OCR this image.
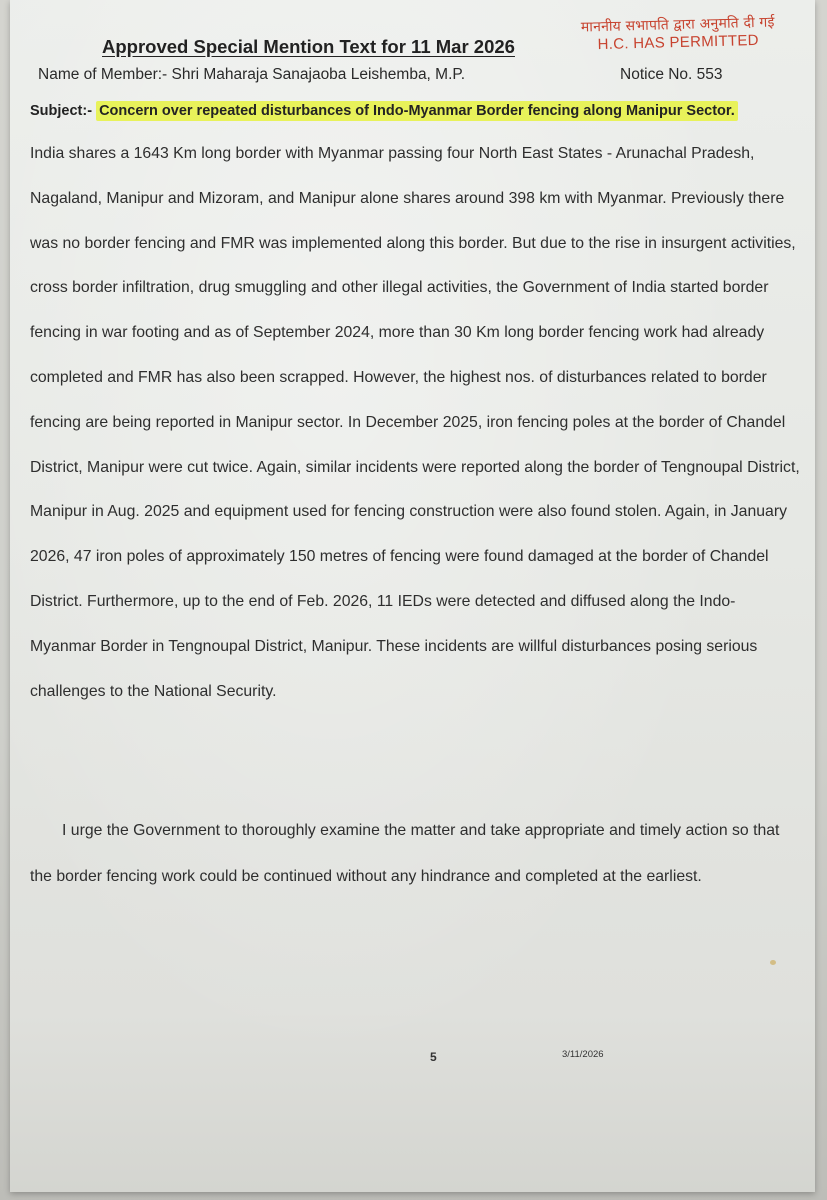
Approved Special Mention Text for 11 Mar 2026
माननीय सभापति द्वारा अनुमति दी गई
H.C. HAS PERMITTED
Name of Member:- Shri Maharaja Sanajaoba Leishemba, M.P.	Notice No. 553
Subject:- Concern over repeated disturbances of Indo-Myanmar Border fencing along Manipur Sector.

India shares a 1643 Km long border with Myanmar passing four North East States - Arunachal Pradesh, Nagaland, Manipur and Mizoram, and Manipur alone shares around 398 km with Myanmar. Previously there was no border fencing and FMR was implemented along this border. But due to the rise in insurgent activities, cross border infiltration, drug smuggling and other illegal activities, the Government of India started border fencing in war footing and as of September 2024, more than 30 Km long border fencing work had already completed and FMR has also been scrapped. However, the highest nos. of disturbances related to border fencing are being reported in Manipur sector. In December 2025, iron fencing poles at the border of Chandel District, Manipur were cut twice. Again, similar incidents were reported along the border of Tengnoupal District, Manipur in Aug. 2025 and equipment used for fencing construction were also found stolen. Again, in January 2026, 47 iron poles of approximately 150 metres of fencing were found damaged at the border of Chandel District. Furthermore, up to the end of Feb. 2026, 11 IEDs were detected and diffused along the Indo-Myanmar Border in Tengnoupal District, Manipur. These incidents are willful disturbances posing serious challenges to the National Security.

I urge the Government to thoroughly examine the matter and take appropriate and timely action so that the border fencing work could be continued without any hindrance and completed at the earliest.

5	3/11/2026
